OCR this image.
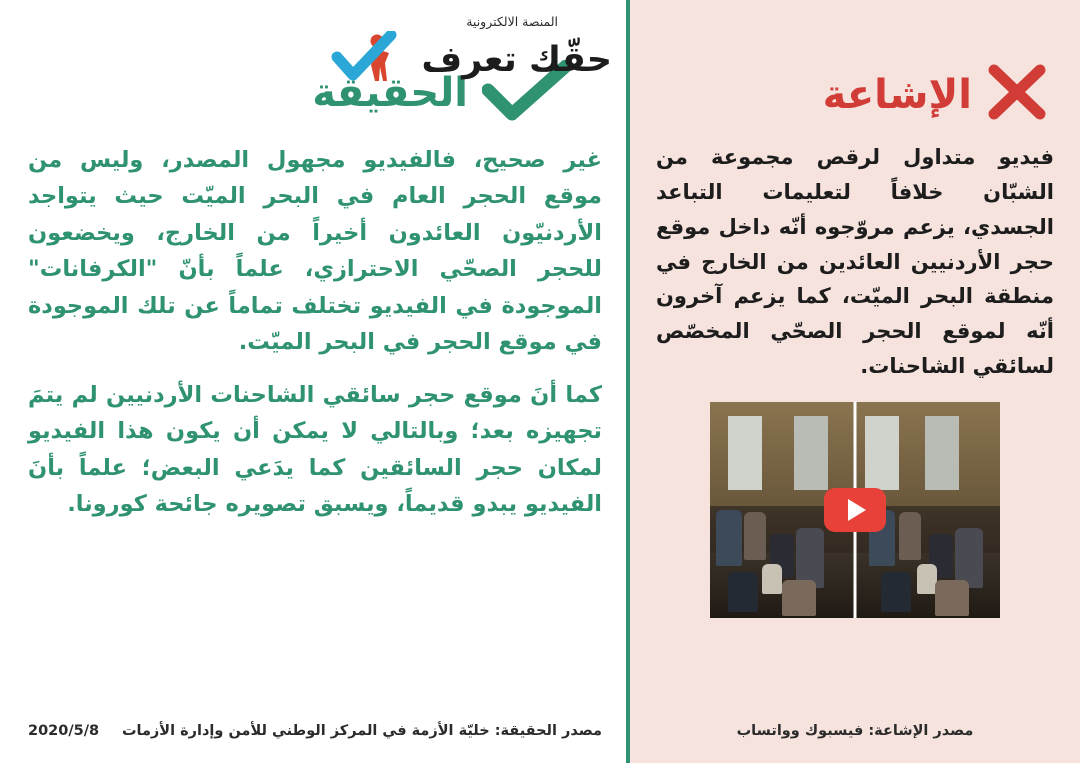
الإشاعة

فيديو متداول لرقص مجموعة من الشبّان خلافاً لتعليمات التباعد الجسدي، يزعم مروّجوه أنّه داخل موقع حجر الأردنيين العائدين من الخارج في منطقة البحر الميّت، كما يزعم آخرون أنّه لموقع الحجر الصحّي المخصّص لسائقي الشاحنات.

مصدر الإشاعة: فيسبوك وواتساب
المنصة الالكترونية
حقّك تعرف
الحقيقة

غير صحيح، فالفيديو مجهول المصدر، وليس من موقع الحجر العام في البحر الميّت حيث يتواجد الأردنيّون العائدون أخيراً من الخارج، ويخضعون للحجر الصحّي الاحترازي، علماً بأنّ "الكرفانات" الموجودة في الفيديو تختلف تماماً عن تلك الموجودة في موقع الحجر في البحر الميّت.

كما أنَ موقع حجر سائقي الشاحنات الأردنيين لم يتمَ تجهيزه بعد؛ وبالتالي لا يمكن أن يكون هذا الفيديو لمكان حجر السائقين كما يدَعي البعض؛ علماً بأنَ الفيديو يبدو قديماً، ويسبق تصويره جائحة كورونا.

مصدر الحقيقة: خليّة الأزمة في المركز الوطني للأمن وإدارة الأزمات
2020/5/8
